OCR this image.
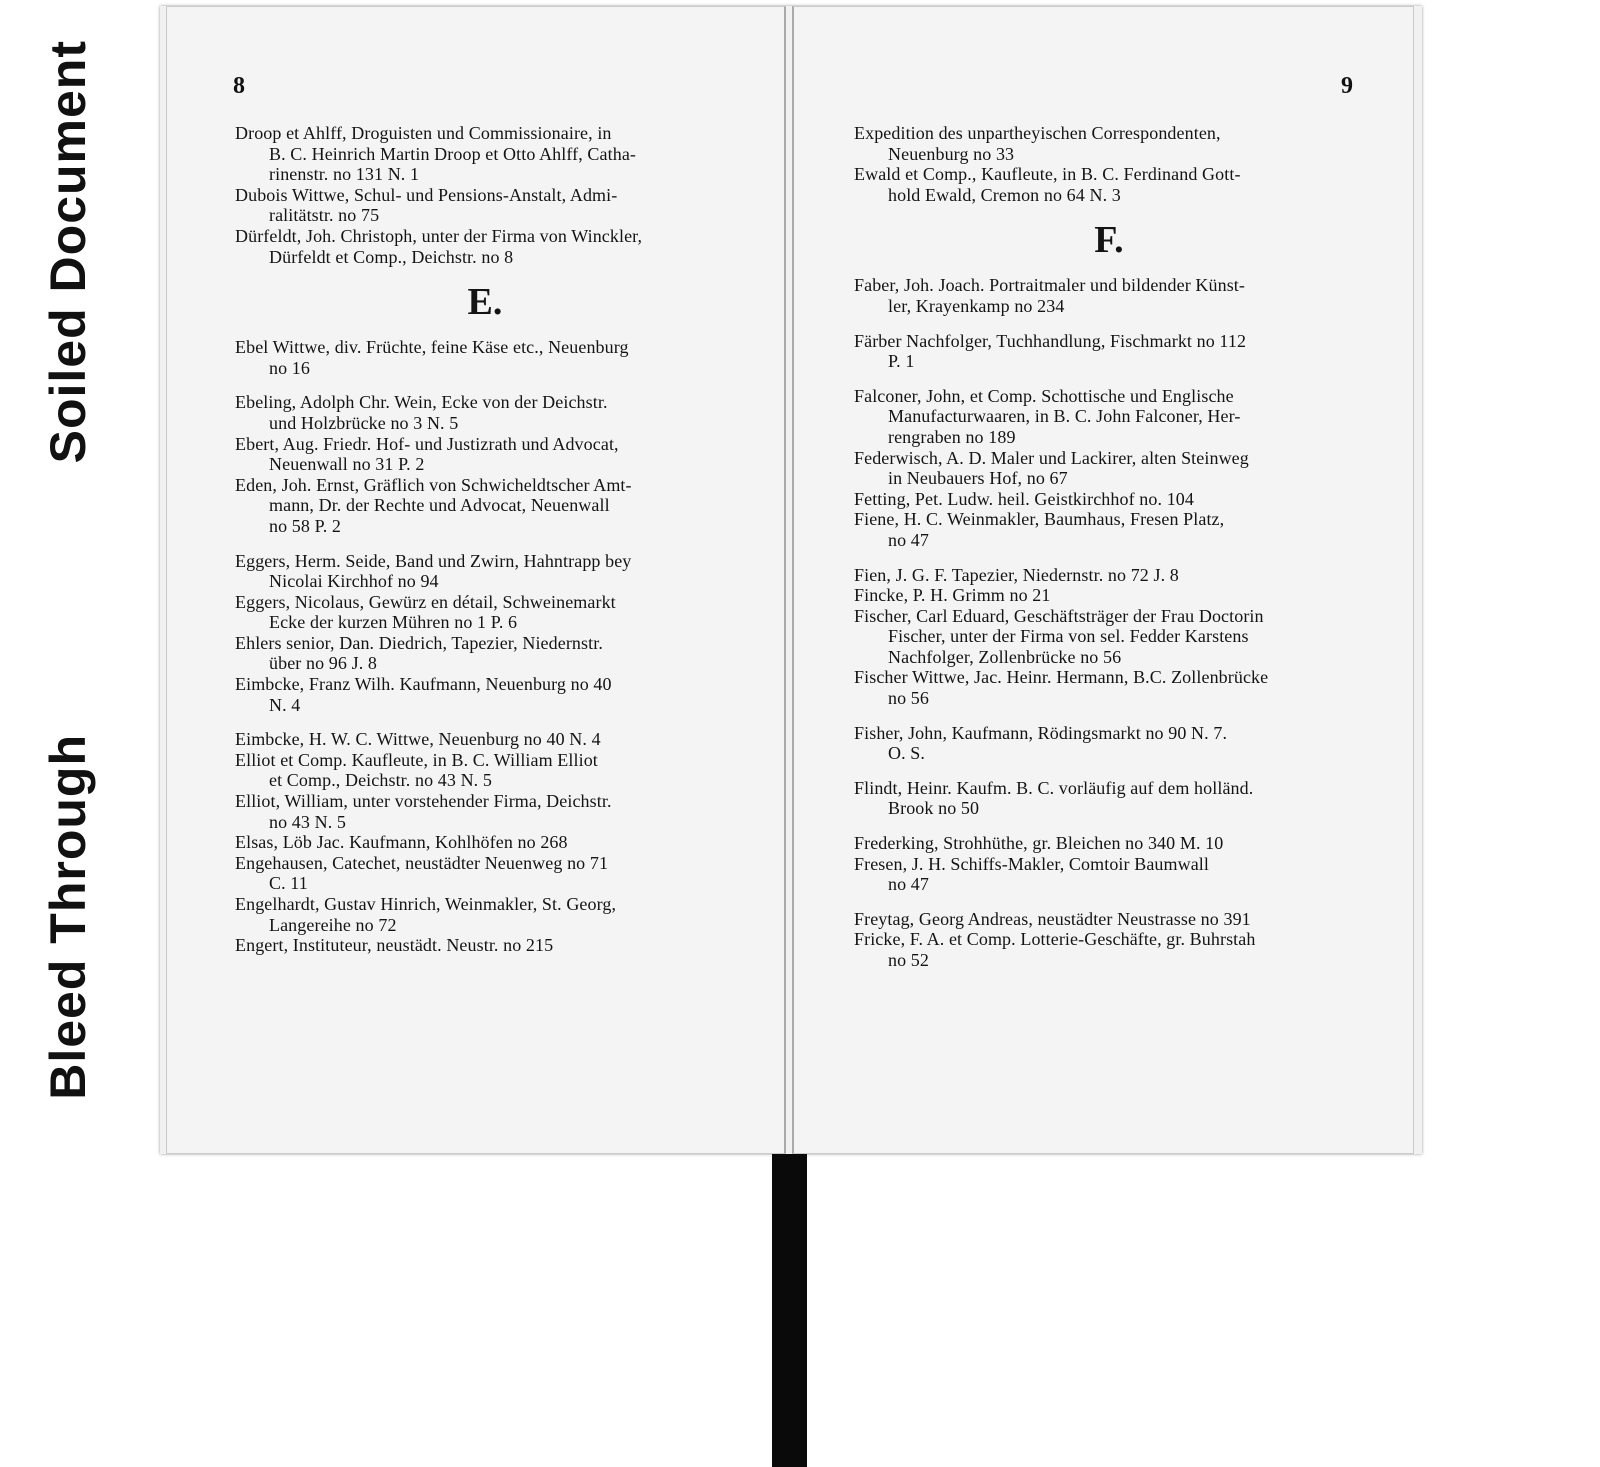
Soiled Document
Bleed Through
8
Droop et Ahlff, Droguisten und Commissionaire, in
B. C. Heinrich Martin Droop et Otto Ahlff, Catha-
rinenstr. no 131 N. 1
Dubois Wittwe, Schul- und Pensions-Anstalt, Admi-
ralitätstr. no 75
Dürfeldt, Joh. Christoph, unter der Firma von Winckler,
Dürfeldt et Comp., Deichstr. no 8
E.
Ebel Wittwe, div. Früchte, feine Käse etc., Neuenburg
no 16
Ebeling, Adolph Chr. Wein, Ecke von der Deichstr.
und Holzbrücke no 3 N. 5
Ebert, Aug. Friedr. Hof- und Justizrath und Advocat,
Neuenwall no 31 P. 2
Eden, Joh. Ernst, Gräflich von Schwicheldtscher Amt-
mann, Dr. der Rechte und Advocat, Neuenwall
no 58 P. 2
Eggers, Herm. Seide, Band und Zwirn, Hahntrapp bey
Nicolai Kirchhof no 94
Eggers, Nicolaus, Gewürz en détail, Schweinemarkt
Ecke der kurzen Mühren no 1 P. 6
Ehlers senior, Dan. Diedrich, Tapezier, Niedernstr.
über no 96 J. 8
Eimbcke, Franz Wilh. Kaufmann, Neuenburg no 40
N. 4
Eimbcke, H. W. C. Wittwe, Neuenburg no 40 N. 4
Elliot et Comp. Kaufleute, in B. C. William Elliot
et Comp., Deichstr. no 43 N. 5
Elliot, William, unter vorstehender Firma, Deichstr.
no 43 N. 5
Elsas, Löb Jac. Kaufmann, Kohlhöfen no 268
Engehausen, Catechet, neustädter Neuenweg no 71
C. 11
Engelhardt, Gustav Hinrich, Weinmakler, St. Georg,
Langereihe no 72
Engert, Instituteur, neustädt. Neustr. no 215
9
Expedition des unpartheyischen Correspondenten,
Neuenburg no 33
Ewald et Comp., Kaufleute, in B. C. Ferdinand Gott-
hold Ewald, Cremon no 64 N. 3
F.
Faber, Joh. Joach. Portraitmaler und bildender Künst-
ler, Krayenkamp no 234
Färber Nachfolger, Tuchhandlung, Fischmarkt no 112
P. 1
Falconer, John, et Comp. Schottische und Englische
Manufacturwaaren, in B. C. John Falconer, Her-
rengraben no 189
Federwisch, A. D. Maler und Lackirer, alten Steinweg
in Neubauers Hof, no 67
Fetting, Pet. Ludw. heil. Geistkirchhof no. 104
Fiene, H. C. Weinmakler, Baumhaus, Fresen Platz,
no 47
Fien, J. G. F. Tapezier, Niedernstr. no 72 J. 8
Fincke, P. H. Grimm no 21
Fischer, Carl Eduard, Geschäftsträger der Frau Doctorin
Fischer, unter der Firma von sel. Fedder Karstens
Nachfolger, Zollenbrücke no 56
Fischer Wittwe, Jac. Heinr. Hermann, B.C. Zollenbrücke
no 56
Fisher, John, Kaufmann, Rödingsmarkt no 90 N. 7.
O. S.
Flindt, Heinr. Kaufm. B. C. vorläufig auf dem holländ.
Brook no 50
Frederking, Strohhüthe, gr. Bleichen no 340 M. 10
Fresen, J. H. Schiffs-Makler, Comtoir Baumwall
no 47
Freytag, Georg Andreas, neustädter Neustrasse no 391
Fricke, F. A. et Comp. Lotterie-Geschäfte, gr. Buhrstah
no 52
